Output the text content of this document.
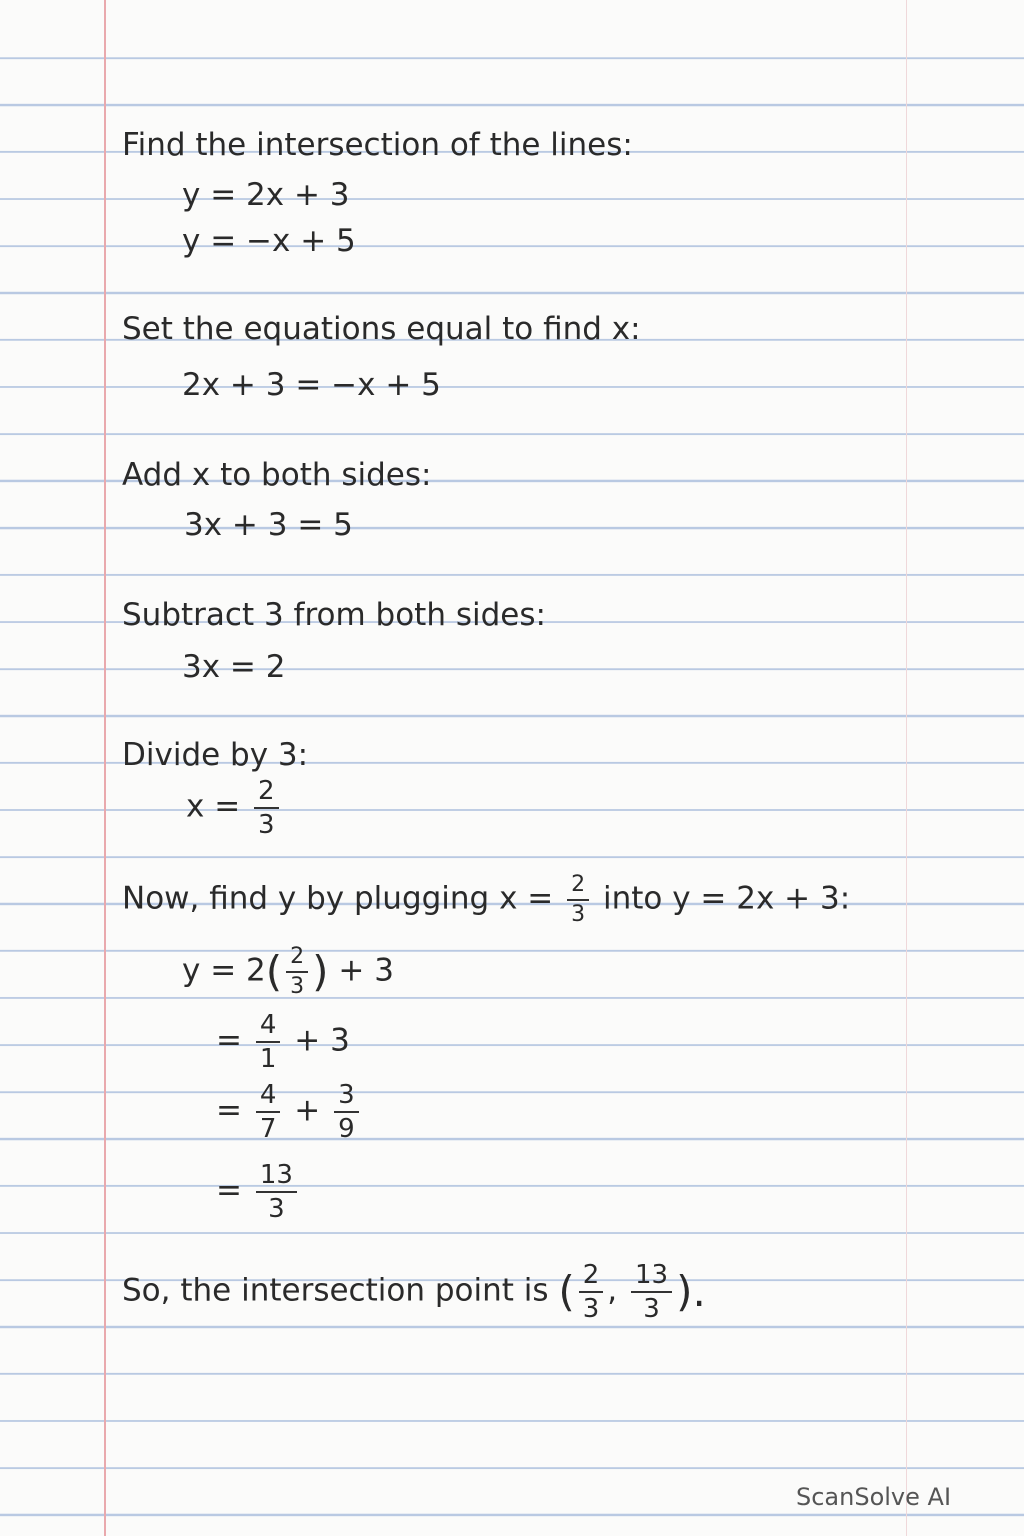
Find the intersection of the lines:
y = 2x + 3
y = −x + 5
Set the equations equal to find x:
2x + 3 = −x + 5
Add x to both sides:
3x + 3 = 5
Subtract 3 from both sides:
3x = 2
Divide by 3:
$x = \frac{2}{3}$
Now, find y by plugging $x = \frac{2}{3}$ into y = 2x + 3:
$y = 2( \frac{2}{3}$ ) + 3
= $\frac{4}{1} + 3$
= $\frac{4}{7} + \frac{3}{9}$
= $\frac{13}{3}$
So, the intersection point is ( $\frac{2}{3}$ , $\frac{13}{3}$ ).
ScanSolve AI
